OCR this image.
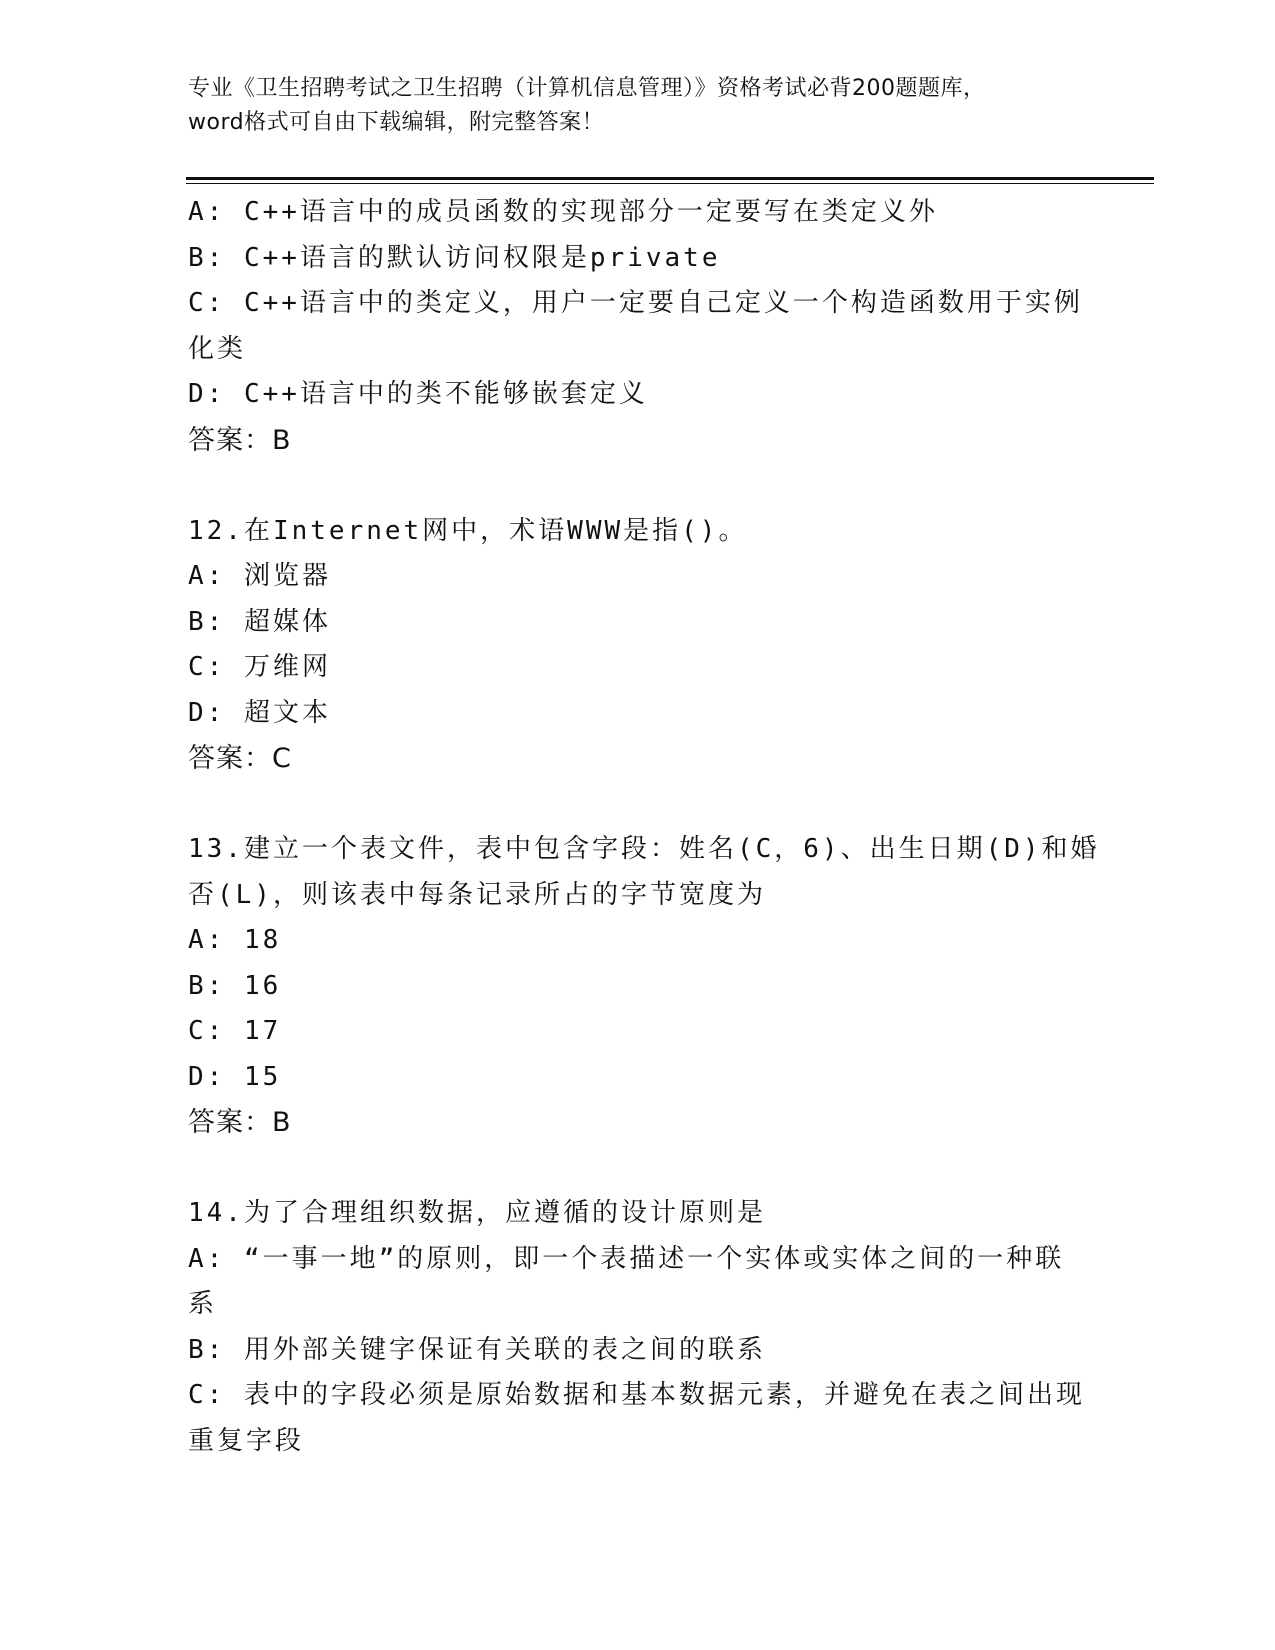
专业《卫生招聘考试之卫生招聘（计算机信息管理）》资格考试必背200题题库，
word格式可自由下载编辑，附完整答案！
A: C++语言中的成员函数的实现部分一定要写在类定义外
B: C++语言的默认访问权限是private
C: C++语言中的类定义，用户一定要自己定义一个构造函数用于实例
化类
D: C++语言中的类不能够嵌套定义
答案：B
12.在Internet网中，术语WWW是指()。
A: 浏览器
B: 超媒体
C: 万维网
D: 超文本
答案：C
13.建立一个表文件，表中包含字段：姓名(C，6)、出生日期(D)和婚
否(L)，则该表中每条记录所占的字节宽度为
A: 18
B: 16
C: 17
D: 15
答案：B
14.为了合理组织数据，应遵循的设计原则是
A: “一事一地”的原则，即一个表描述一个实体或实体之间的一种联
系
B: 用外部关键字保证有关联的表之间的联系
C: 表中的字段必须是原始数据和基本数据元素，并避免在表之间出现
重复字段
